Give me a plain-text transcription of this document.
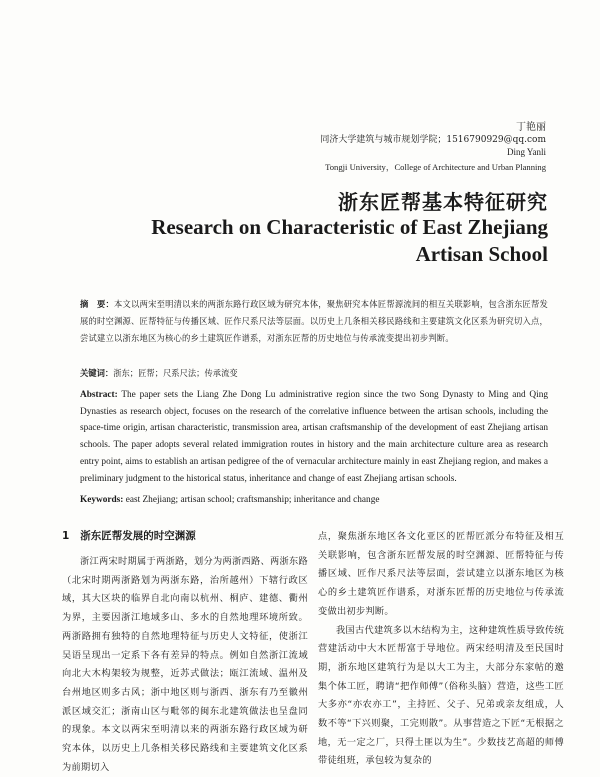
丁艳丽
同济大学建筑与城市规划学院；1516790929@qq.com
Ding Yanli
Tongji University，College of Architecture and Urban Planning
浙东匠帮基本特征研究
Research on Characteristic of East Zhejiang Artisan School
摘　要：本文以两宋至明清以来的两浙东路行政区域为研究本体，聚焦研究本体匠帮源流间的相互关联影响，包含浙东匠帮发展的时空渊源、匠帮特征与传播区域、匠作尺系尺法等层面。以历史上几条相关移民路线和主要建筑文化区系为研究切入点，尝试建立以浙东地区为核心的乡土建筑匠作谱系，对浙东匠帮的历史地位与传承流变提出初步判断。
关键词：浙东；匠帮；尺系尺法；传承流变
Abstract: The paper sets the Liang Zhe Dong Lu administrative region since the two Song Dynasty to Ming and Qing Dynasties as research object, focuses on the research of the correlative influence between the artisan schools, including the space-time origin, artisan characteristic, transmission area, artisan craftsmanship of the development of east Zhejiang artisan schools. The paper adopts several related immigration routes in history and the main architecture culture area as research entry point, aims to establish an artisan pedigree of the of vernacular architecture mainly in east Zhejiang region, and makes a preliminary judgment to the historical status, inheritance and change of east Zhejiang artisan schools.
Keywords: east Zhejiang; artisan school; craftsmanship; inheritance and change
1 浙东匠帮发展的时空渊源

浙江两宋时期属于两浙路，划分为两浙西路、两浙东路（北宋时期两浙路划为两浙东路，治所越州）下辖行政区域，其大区块的临界自北向南以杭州、桐庐、建德、衢州为界，主要因浙江地域多山、多水的自然地理环境所致。两浙路拥有独特的自然地理特征与历史人文特征，使浙江吴语呈现出一定系下各有差异的特点。例如自然浙江流域向北大木构架较为规整，近苏式做法；瓯江流域、温州及台州地区则多古风；浙中地区则与浙西、浙东有乃至徽州派区域交汇；浙南山区与毗邻的闽东北建筑做法也呈盘同的现象。本文以两宋至明清以来的两浙东路行政区域为研究本体，以历史上几条相关移民路线和主要建筑文化区系为前期切入

点，聚焦浙东地区各文化亚区的匠帮匠派分布特征及相互关联影响，包含浙东匠帮发展的时空渊源、匠帮特征与传播区域、匠作尺系尺法等层面，尝试建立以浙东地区为核心的乡土建筑匠作谱系，对浙东匠帮的历史地位与传承流变做出初步判断。

我国古代建筑多以木结构为主，这种建筑性质导致传统营建活动中大木匠帮富于导地位。两宋经明清及至民国时期，浙东地区建筑行为是以大工为主，大部分东家帖的邀集个体工匠，聘请“把作师傅”（俗称头脑）营造，这些工匠大多亦“亦农亦工”，主持匠、父子、兄弟或亲友组成，人数不等“下兴则聚，工完则散”。从事营造之下匠“无根据之地，无一定之厂，只得土匪以为生”。少数技艺高超的师傅带徒组班，承包较为复杂的
